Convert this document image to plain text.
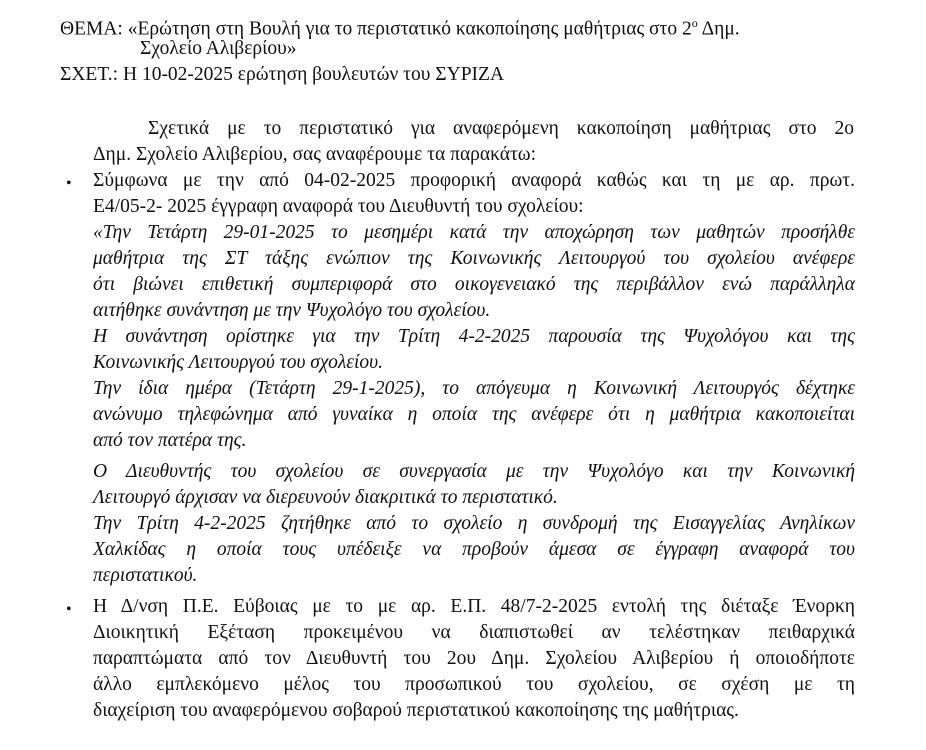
ΘΕΜΑ: «Ερώτηση στη Βουλή για το περιστατικό κακοποίησης μαθήτριας στο $2^o$ Δημ.
Σχολείο Αλιβερίου»
ΣΧΕΤ.: Η 10-02-2025 ερώτηση βουλευτών του ΣΥΡΙΖΑ
Σχετικά με το περιστατικό για αναφερόμενη κακοποίηση μαθήτριας στο 2ο
Δημ. Σχολείο Αλιβερίου, σας αναφέρουμε τα παρακάτω:
• Σύμφωνα με την από 04-02-2025 προφορική αναφορά καθώς και τη με αρ. πρωτ.
Ε4/05-2- 2025 έγγραφη αναφορά του Διευθυντή του σχολείου:
«Την Τετάρτη 29-01-2025 το μεσημέρι κατά την αποχώρηση των μαθητών προσήλθε
μαθήτρια της ΣΤ τάξης ενώπιον της Κοινωνικής Λειτουργού του σχολείου ανέφερε
ότι βιώνει επιθετική συμπεριφορά στο οικογενειακό της περιβάλλον ενώ παράλληλα
αιτήθηκε συνάντηση με την Ψυχολόγο του σχολείου.
Η συνάντηση ορίστηκε για την Τρίτη 4-2-2025 παρουσία της Ψυχολόγου και της
Κοινωνικής Λειτουργού του σχολείου.
Την ίδια ημέρα (Τετάρτη 29-1-2025), το απόγευμα η Κοινωνική Λειτουργός δέχτηκε
ανώνυμο τηλεφώνημα από γυναίκα η οποία της ανέφερε ότι η μαθήτρια κακοποιείται
από τον πατέρα της.
Ο Διευθυντής του σχολείου σε συνεργασία με την Ψυχολόγο και την Κοινωνική
Λειτουργό άρχισαν να διερευνούν διακριτικά το περιστατικό.
Την Τρίτη 4-2-2025 ζητήθηκε από το σχολείο η συνδρομή της Εισαγγελίας Ανηλίκων
Χαλκίδας η οποία τους υπέδειξε να προβούν άμεσα σε έγγραφη αναφορά του
περιστατικού.
• Η Δ/νση Π.Ε. Εύβοιας με το με αρ. Ε.Π. 48/7-2-2025 εντολή της διέταξε Ένορκη
Διοικητική Εξέταση προκειμένου να διαπιστωθεί αν τελέστηκαν πειθαρχικά
παραπτώματα από τον Διευθυντή του 2ου Δημ. Σχολείου Αλιβερίου ή οποιοδήποτε
άλλο εμπλεκόμενο μέλος του προσωπικού του σχολείου, σε σχέση με τη
διαχείριση του αναφερόμενου σοβαρού περιστατικού κακοποίησης της μαθήτριας.
